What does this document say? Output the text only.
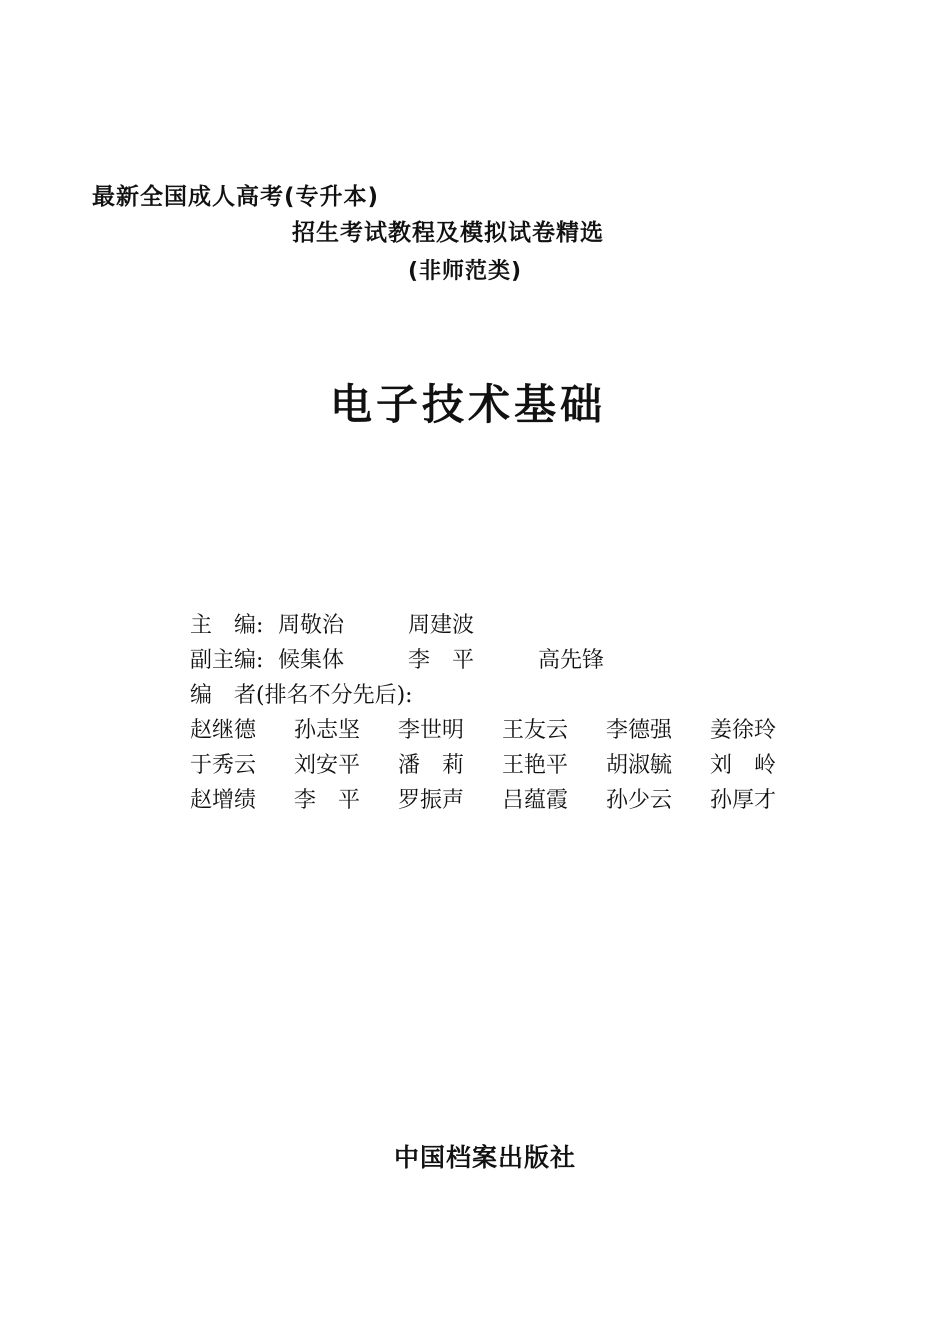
最新全国成人高考(专升本)
招生考试教程及模拟试卷精选
(非师范类)
电子技术基础
主　编: 周敬治	周建波
副主编: 候集体	李　平	高先锋
编　者(排名不分先后):
赵继德	孙志坚	李世明	王友云	李德强	姜徐玲
于秀云	刘安平	潘　莉	王艳平	胡淑毓	刘　岭
赵增绩	李　平	罗振声	吕蕴霞	孙少云	孙厚才
中国档案出版社
